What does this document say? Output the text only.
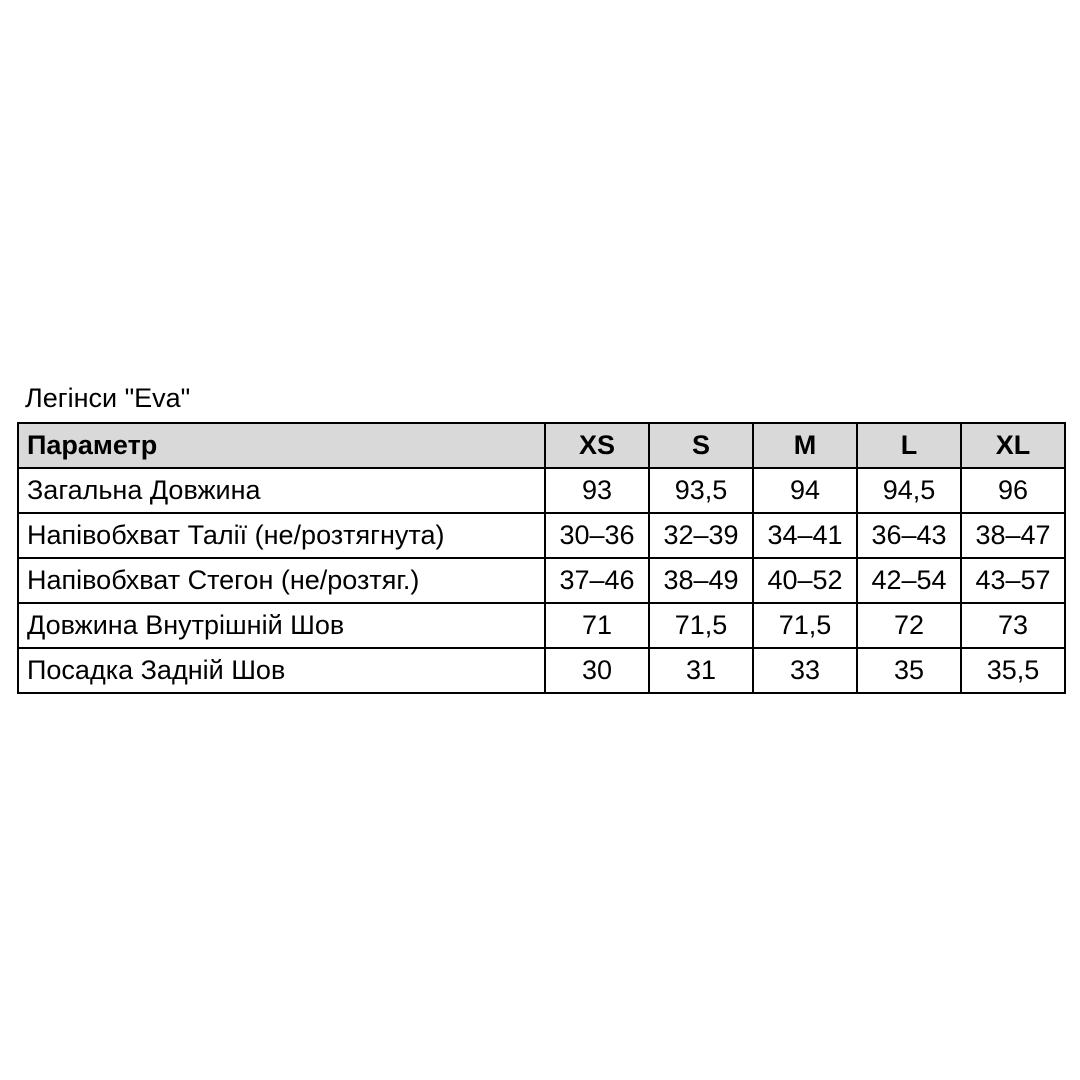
Легінси "Eva"
Параметр	XS	S	M	L	XL
Загальна Довжина	93	93,5	94	94,5	96
Напівобхват Талії (не/розтягнута)	30–36	32–39	34–41	36–43	38–47
Напівобхват Стегон (не/розтяг.)	37–46	38–49	40–52	42–54	43–57
Довжина Внутрішній Шов	71	71,5	71,5	72	73
Посадка Задній Шов	30	31	33	35	35,5
